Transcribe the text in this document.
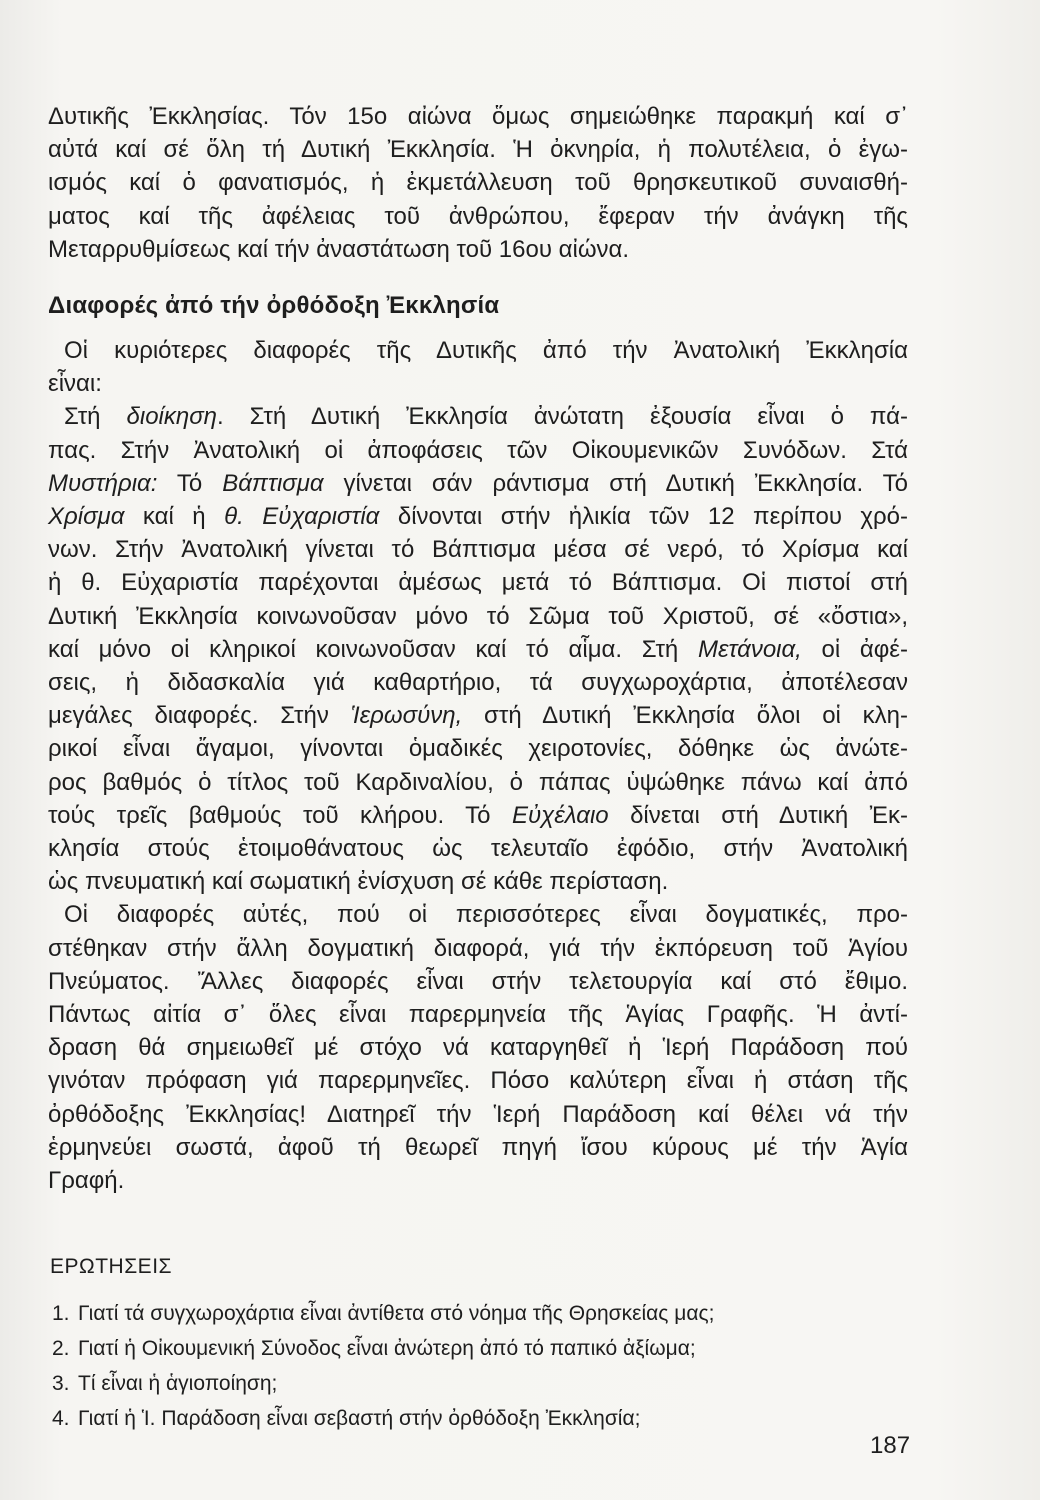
Δυτικῆς Ἐκκλησίας. Τόν 15ο αἰώνα ὅμως σημειώθηκε παρακμή καί σ᾿
αὐτά καί σέ ὅλη τή Δυτική Ἐκκλησία. Ἡ ὀκνηρία, ἡ πολυτέλεια, ὁ ἐγω-
ισμός καί ὁ φανατισμός, ἡ ἐκμετάλλευση τοῦ θρησκευτικοῦ συναισθή-
ματος καί τῆς ἀφέλειας τοῦ ἀνθρώπου, ἔφεραν τήν ἀνάγκη τῆς
Μεταρρυθμίσεως καί τήν ἀναστάτωση τοῦ 16ου αἰώνα.

Διαφορές ἀπό τήν ὀρθόδοξη Ἐκκλησία

Οἱ κυριότερες διαφορές τῆς Δυτικῆς ἀπό τήν Ἀνατολική Ἐκκλησία
εἶναι:

Στή διοίκηση. Στή Δυτική Ἐκκλησία ἀνώτατη ἐξουσία εἶναι ὁ πά-
πας. Στήν Ἀνατολική οἱ ἀποφάσεις τῶν Οἰκουμενικῶν Συνόδων. Στά
Μυστήρια: Τό Βάπτισμα γίνεται σάν ράντισμα στή Δυτική Ἐκκλησία. Τό
Χρίσμα καί ἡ θ. Εὐχαριστία δίνονται στήν ἡλικία τῶν 12 περίπου χρό-
νων. Στήν Ἀνατολική γίνεται τό Βάπτισμα μέσα σέ νερό, τό Χρίσμα καί
ἡ θ. Εὐχαριστία παρέχονται ἀμέσως μετά τό Βάπτισμα. Οἱ πιστοί στή
Δυτική Ἐκκλησία κοινωνοῦσαν μόνο τό Σῶμα τοῦ Χριστοῦ, σέ «ὄστια»,
καί μόνο οἱ κληρικοί κοινωνοῦσαν καί τό αἷμα. Στή Μετάνοια, οἱ ἀφέ-
σεις, ἡ διδασκαλία γιά καθαρτήριο, τά συγχωροχάρτια, ἀποτέλεσαν
μεγάλες διαφορές. Στήν Ἱερωσύνη, στή Δυτική Ἐκκλησία ὅλοι οἱ κλη-
ρικοί εἶναι ἄγαμοι, γίνονται ὁμαδικές χειροτονίες, δόθηκε ὡς ἀνώτε-
ρος βαθμός ὁ τίτλος τοῦ Καρδιναλίου, ὁ πάπας ὑψώθηκε πάνω καί ἀπό
τούς τρεῖς βαθμούς τοῦ κλήρου. Τό Εὐχέλαιο δίνεται στή Δυτική Ἐκ-
κλησία στούς ἑτοιμοθάνατους ὡς τελευταῖο ἐφόδιο, στήν Ἀνατολική
ὡς πνευματική καί σωματική ἐνίσχυση σέ κάθε περίσταση.

Οἱ διαφορές αὐτές, πού οἱ περισσότερες εἶναι δογματικές, προ-
στέθηκαν στήν ἄλλη δογματική διαφορά, γιά τήν ἐκπόρευση τοῦ Ἁγίου
Πνεύματος. Ἄλλες διαφορές εἶναι στήν τελετουργία καί στό ἔθιμο.
Πάντως αἰτία σ᾿ ὅλες εἶναι παρερμηνεία τῆς Ἁγίας Γραφῆς. Ἡ ἀντί-
δραση θά σημειωθεῖ μέ στόχο νά καταργηθεῖ ἡ Ἱερή Παράδοση πού
γινόταν πρόφαση γιά παρερμηνεῖες. Πόσο καλύτερη εἶναι ἡ στάση τῆς
ὀρθόδοξης Ἐκκλησίας! Διατηρεῖ τήν Ἱερή Παράδοση καί θέλει νά τήν
ἑρμηνεύει σωστά, ἀφοῦ τή θεωρεῖ πηγή ἴσου κύρους μέ τήν Ἁγία
Γραφή.

ΕΡΩΤΗΣΕΙΣ
1. Γιατί τά συγχωροχάρτια εἶναι ἀντίθετα στό νόημα τῆς Θρησκείας μας;
2. Γιατί ἡ Οἰκουμενική Σύνοδος εἶναι ἀνώτερη ἀπό τό παπικό ἀξίωμα;
3. Τί εἶναι ἡ ἁγιοποίηση;
4. Γιατί ἡ Ἱ. Παράδοση εἶναι σεβαστή στήν ὀρθόδοξη Ἐκκλησία;
187
